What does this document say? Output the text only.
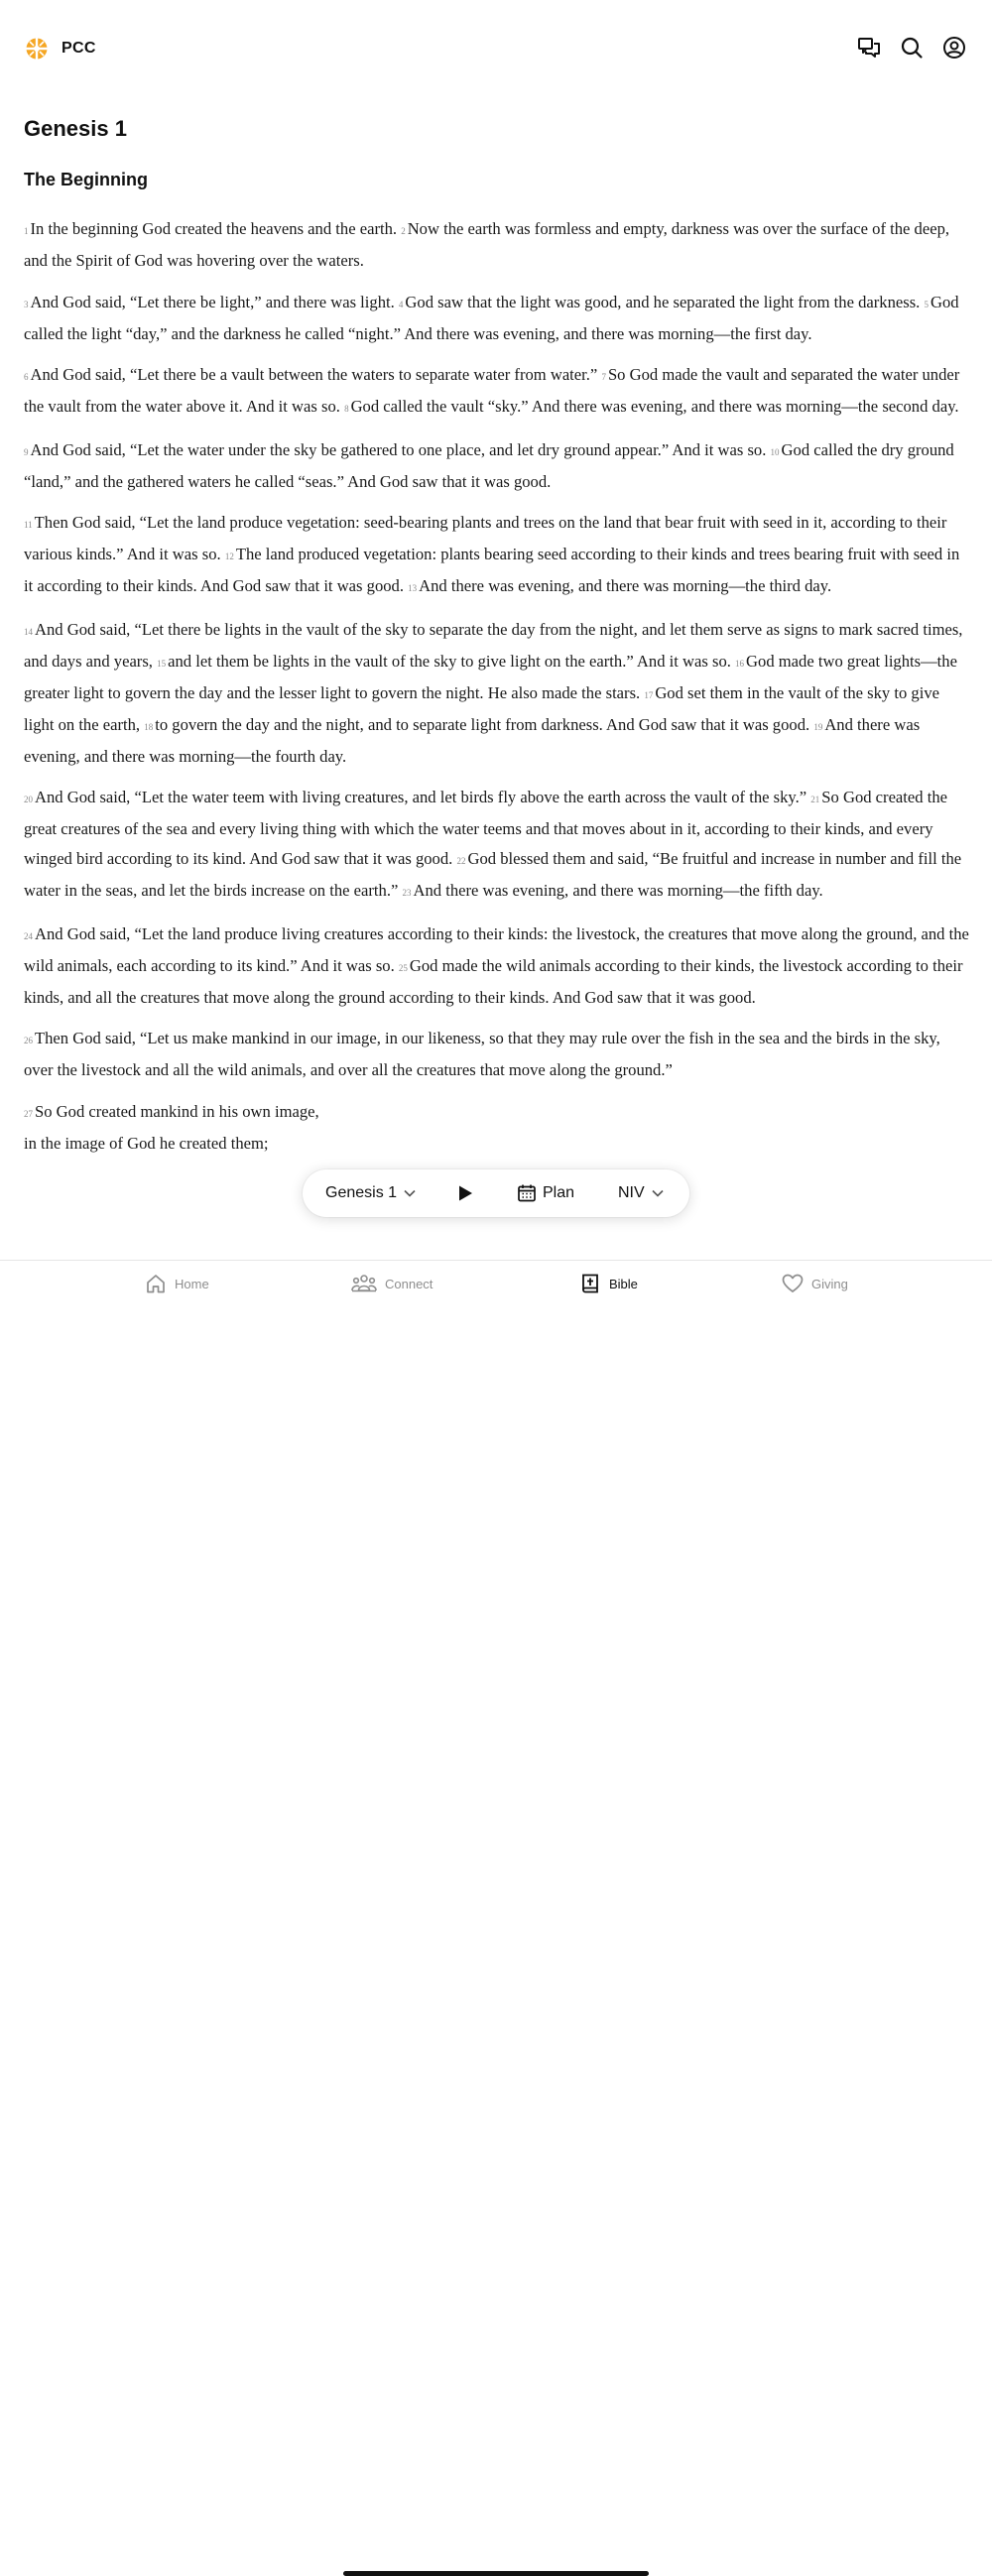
PCC
Genesis 1
The Beginning

1 In the beginning God created the heavens and the earth. 2 Now the earth was formless and empty, darkness was over the surface of the deep, and the Spirit of God was hovering over the waters.

3 And God said, “Let there be light,” and there was light. 4 God saw that the light was good, and he separated the light from the darkness. 5 God called the light “day,” and the darkness he called “night.” And there was evening, and there was morning—the first day.

6 And God said, “Let there be a vault between the waters to separate water from water.” 7 So God made the vault and separated the water under the vault from the water above it. And it was so. 8 God called the vault “sky.” And there was evening, and there was morning—the second day.

9 And God said, “Let the water under the sky be gathered to one place, and let dry ground appear.” And it was so. 10 God called the dry ground “land,” and the gathered waters he called “seas.” And God saw that it was good.

11 Then God said, “Let the land produce vegetation: seed-bearing plants and trees on the land that bear fruit with seed in it, according to their various kinds.” And it was so. 12 The land produced vegetation: plants bearing seed according to their kinds and trees bearing fruit with seed in it according to their kinds. And God saw that it was good. 13 And there was evening, and there was morning—the third day.

14 And God said, “Let there be lights in the vault of the sky to separate the day from the night, and let them serve as signs to mark sacred times, and days and years, 15 and let them be lights in the vault of the sky to give light on the earth.” And it was so. 16 God made two great lights—the greater light to govern the day and the lesser light to govern the night. He also made the stars. 17 God set them in the vault of the sky to give light on the earth, 18 to govern the day and the night, and to separate light from darkness. And God saw that it was good. 19 And there was evening, and there was morning—the fourth day.

20 And God said, “Let the water teem with living creatures, and let birds fly above the earth across the vault of the sky.” 21 So God created the great creatures of the sea and every living thing with which the water teems and that moves about in it, according to their kinds, and every winged bird according to its kind. And God saw that it was good. 22 God blessed them and said, “Be fruitful and increase in number and fill the water in the seas, and let the birds increase on the earth.” 23 And there was evening, and there was morning—the fifth day.

24 And God said, “Let the land produce living creatures according to their kinds: the livestock, the creatures that move along the ground, and the wild animals, each according to its kind.” And it was so. 25 God made the wild animals according to their kinds, the livestock according to their kinds, and all the creatures that move along the ground according to their kinds. And God saw that it was good.

26 Then God said, “Let us make mankind in our image, in our likeness, so that they may rule over the fish in the sea and the birds in the sky, over the livestock and all the wild animals, and over all the creatures that move along the ground.”

27 So God created mankind in his own image,
in the image of God he created them;
Genesis 1	Plan	NIV
Home	Connect	Bible	Giving
